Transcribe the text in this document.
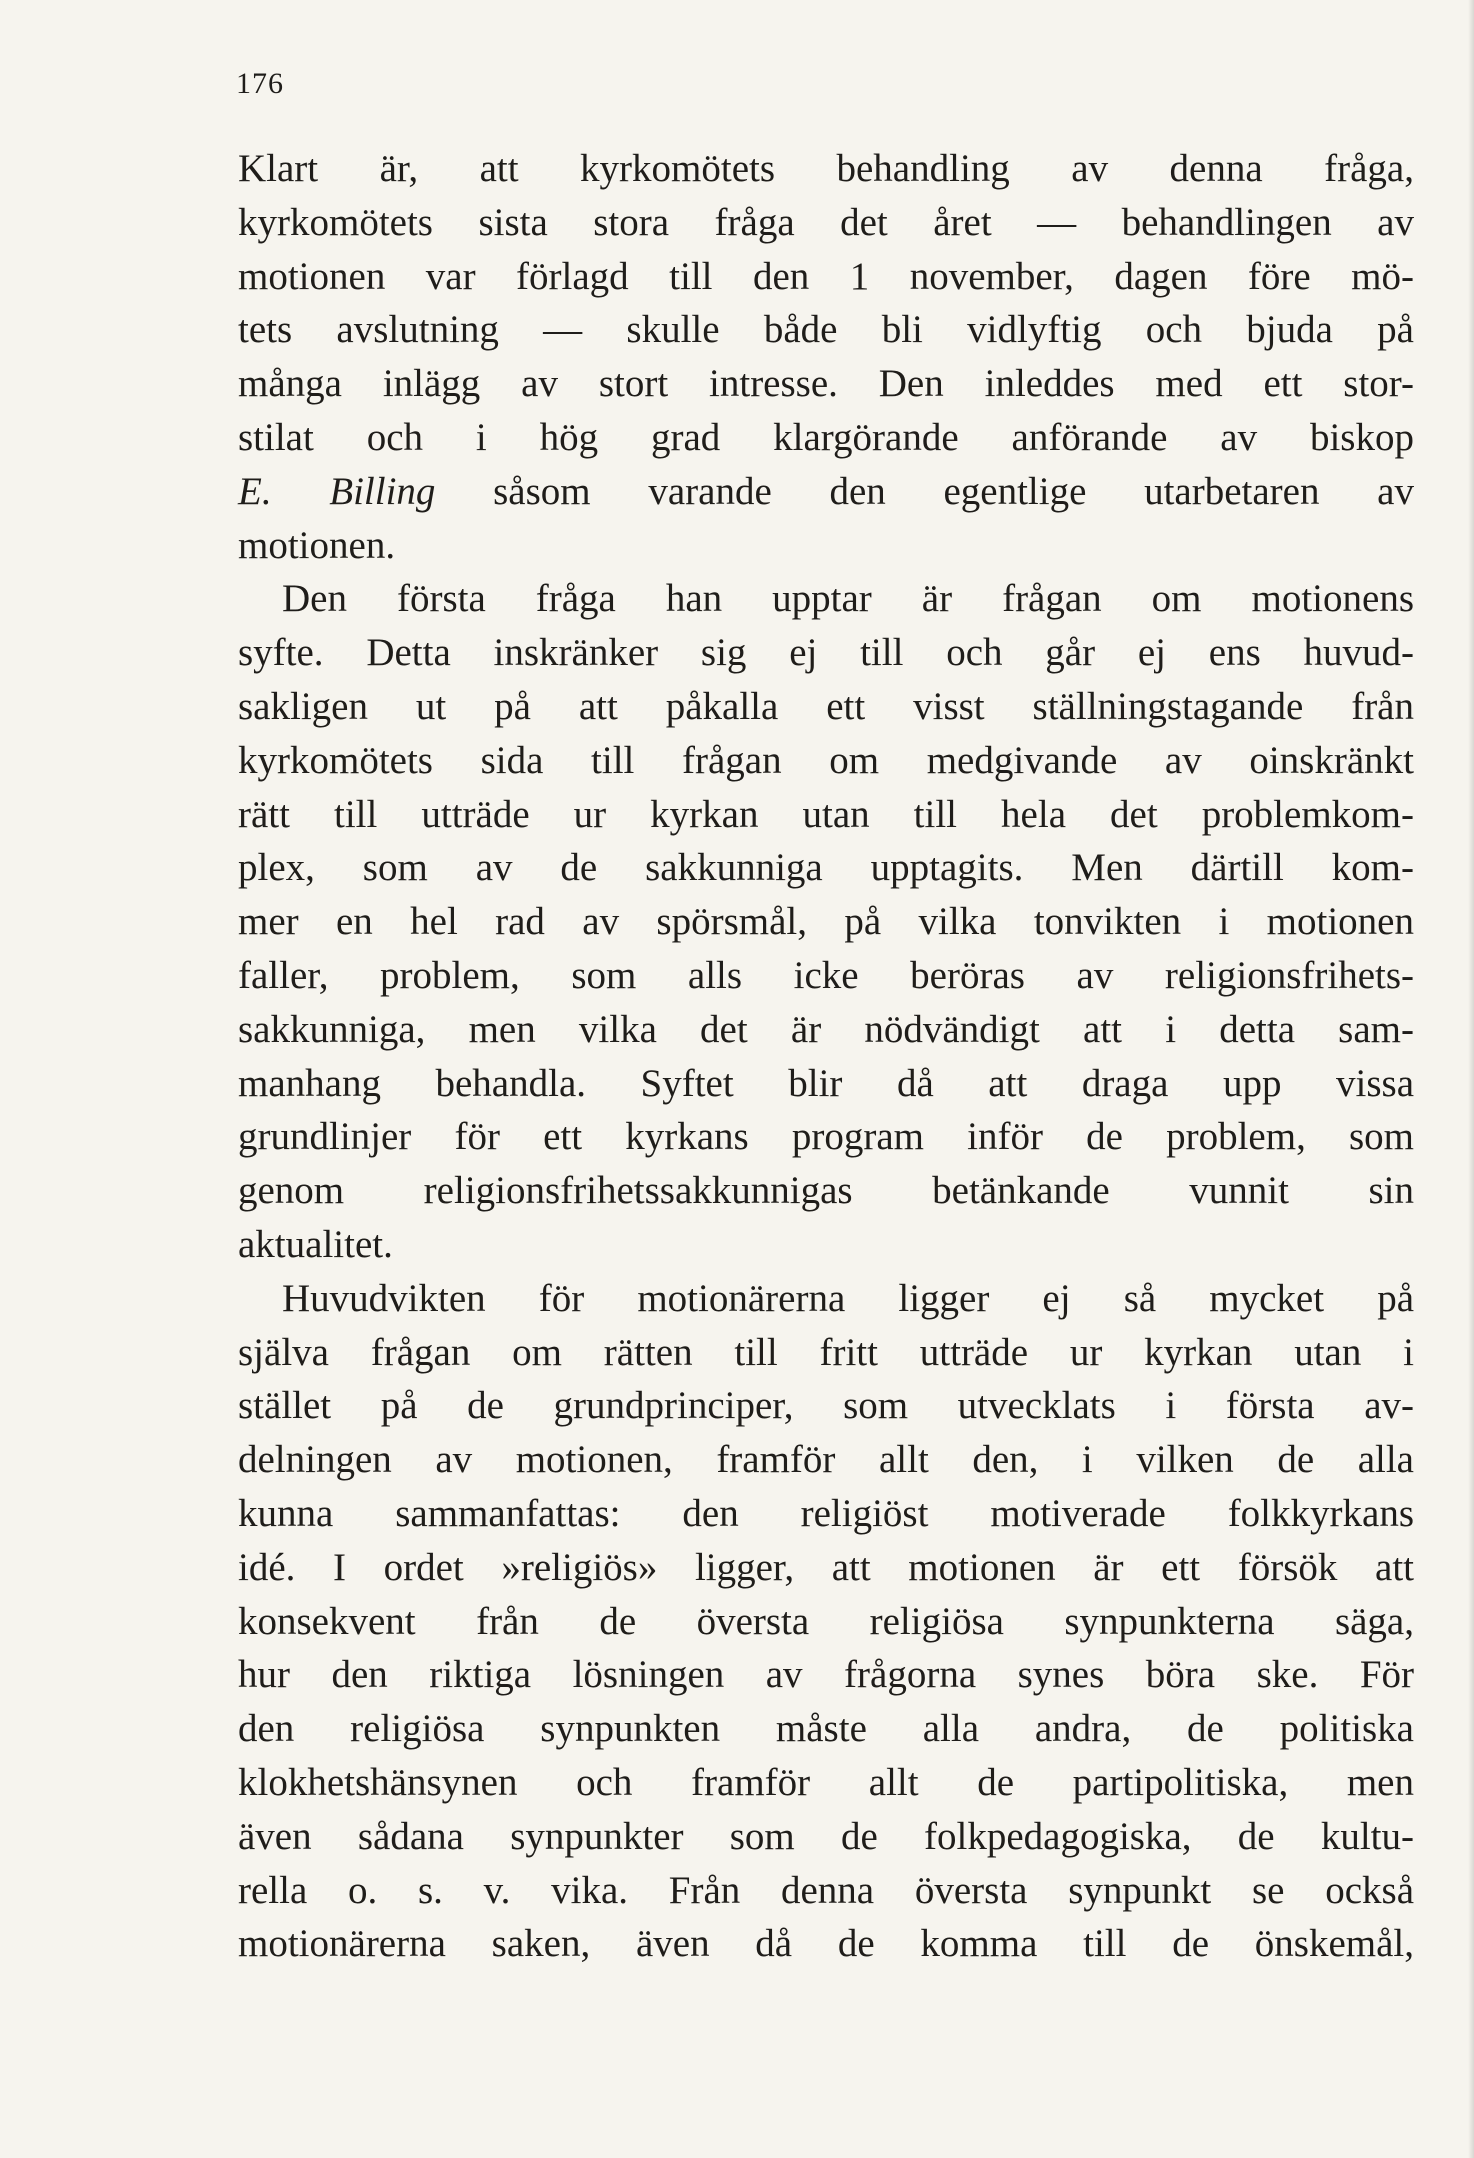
176
Klart är, att kyrkomötets behandling av denna fråga,
kyrkomötets sista stora fråga det året — behandlingen av
motionen var förlagd till den 1 november, dagen före mö-
tets avslutning — skulle både bli vidlyftig och bjuda på
många inlägg av stort intresse. Den inleddes med ett stor-
stilat och i hög grad klargörande anförande av biskop
E. Billing såsom varande den egentlige utarbetaren av
motionen.
Den första fråga han upptar är frågan om motionens
syfte. Detta inskränker sig ej till och går ej ens huvud-
sakligen ut på att påkalla ett visst ställningstagande från
kyrkomötets sida till frågan om medgivande av oinskränkt
rätt till utträde ur kyrkan utan till hela det problemkom-
plex, som av de sakkunniga upptagits. Men därtill kom-
mer en hel rad av spörsmål, på vilka tonvikten i motionen
faller, problem, som alls icke beröras av religionsfrihets-
sakkunniga, men vilka det är nödvändigt att i detta sam-
manhang behandla. Syftet blir då att draga upp vissa
grundlinjer för ett kyrkans program inför de problem, som
genom religionsfrihetssakkunnigas betänkande vunnit sin
aktualitet.
Huvudvikten för motionärerna ligger ej så mycket på
själva frågan om rätten till fritt utträde ur kyrkan utan i
stället på de grundprinciper, som utvecklats i första av-
delningen av motionen, framför allt den, i vilken de alla
kunna sammanfattas: den religiöst motiverade folkkyrkans
idé. I ordet »religiös» ligger, att motionen är ett försök att
konsekvent från de översta religiösa synpunkterna säga,
hur den riktiga lösningen av frågorna synes böra ske. För
den religiösa synpunkten måste alla andra, de politiska
klokhetshänsynen och framför allt de partipolitiska, men
även sådana synpunkter som de folkpedagogiska, de kultu-
rella o. s. v. vika. Från denna översta synpunkt se också
motionärerna saken, även då de komma till de önskemål,
